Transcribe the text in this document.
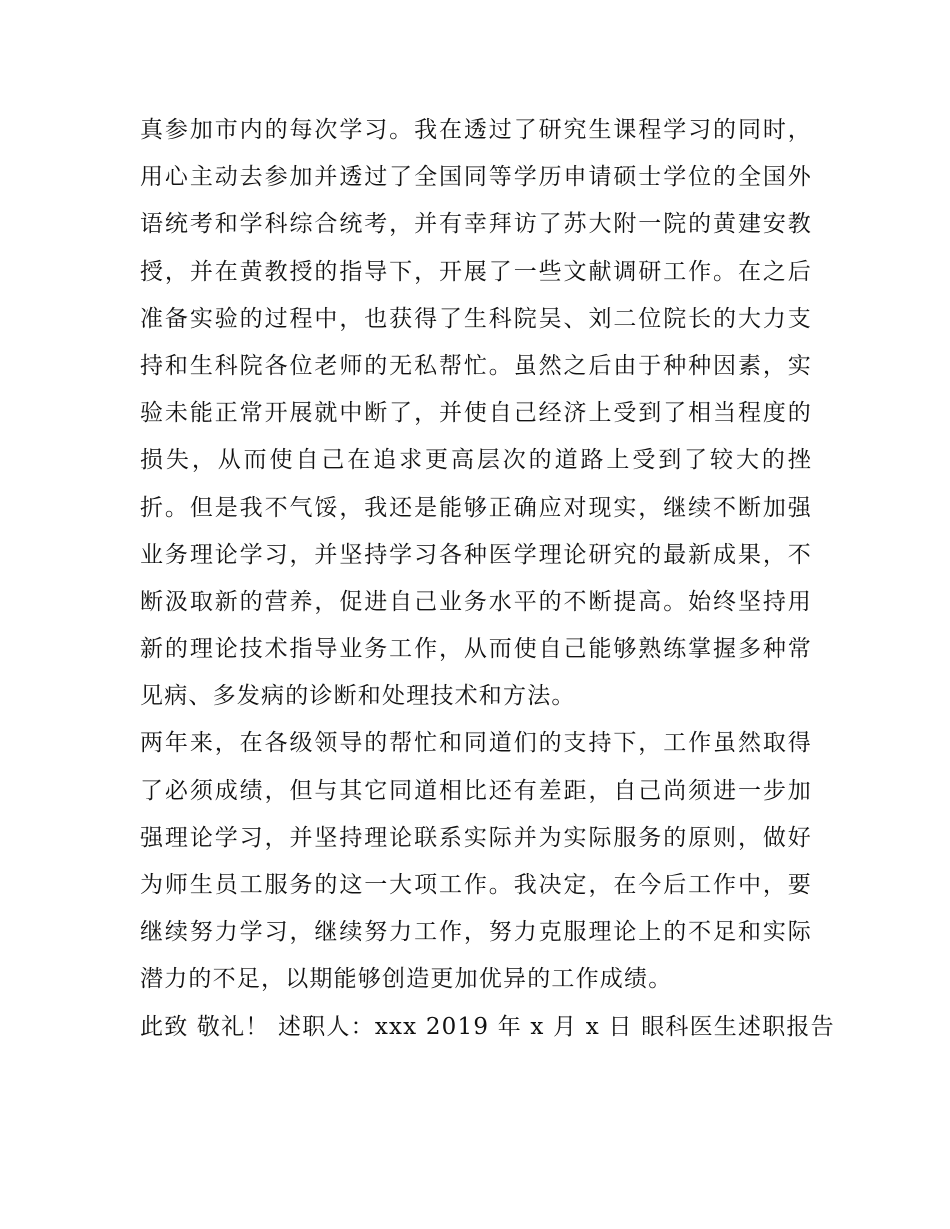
真参加市内的每次学习。我在透过了研究生课程学习的同时，
用心主动去参加并透过了全国同等学历申请硕士学位的全国外
语统考和学科综合统考，并有幸拜访了苏大附一院的黄建安教
授，并在黄教授的指导下，开展了一些文献调研工作。在之后
准备实验的过程中，也获得了生科院吴、刘二位院长的大力支
持和生科院各位老师的无私帮忙。虽然之后由于种种因素，实
验未能正常开展就中断了，并使自己经济上受到了相当程度的
损失，从而使自己在追求更高层次的道路上受到了较大的挫
折。但是我不气馁，我还是能够正确应对现实，继续不断加强
业务理论学习，并坚持学习各种医学理论研究的最新成果，不
断汲取新的营养，促进自己业务水平的不断提高。始终坚持用
新的理论技术指导业务工作，从而使自己能够熟练掌握多种常
见病、多发病的诊断和处理技术和方法。
两年来，在各级领导的帮忙和同道们的支持下，工作虽然取得
了必须成绩，但与其它同道相比还有差距，自己尚须进一步加
强理论学习，并坚持理论联系实际并为实际服务的原则，做好
为师生员工服务的这一大项工作。我决定，在今后工作中，要
继续努力学习，继续努力工作，努力克服理论上的不足和实际
潜力的不足，以期能够创造更加优异的工作成绩。
此致 敬礼！ 述职人：xxx 2019 年 x 月 x 日 眼科医生述职报告
